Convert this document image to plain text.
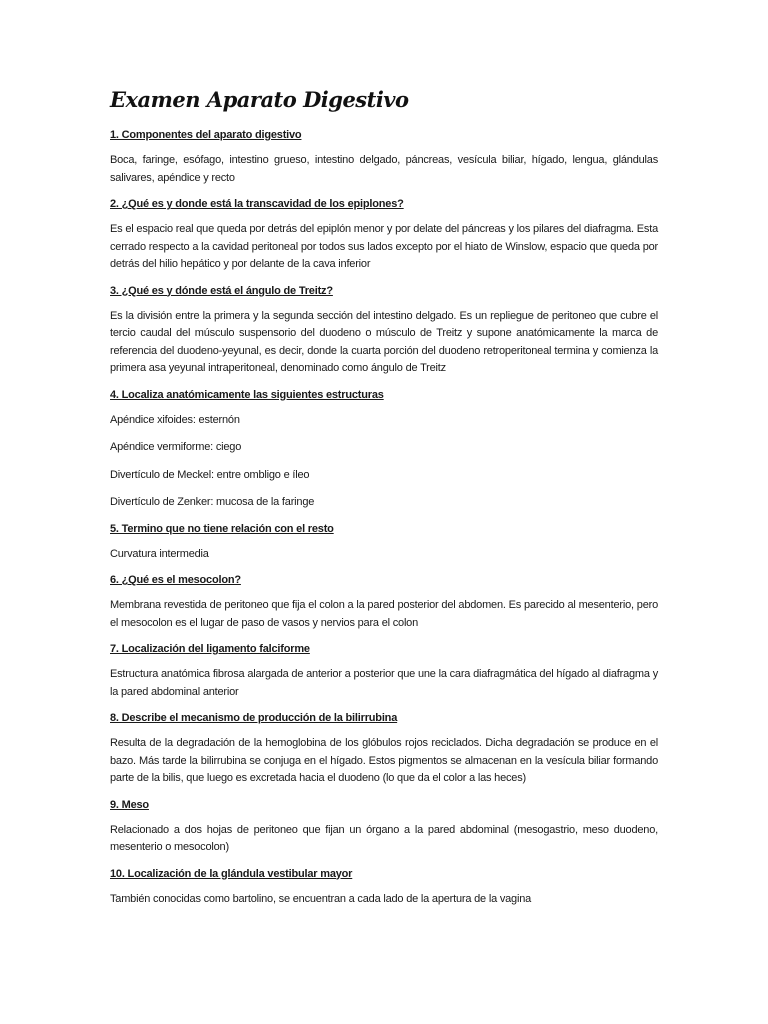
Examen Aparato Digestivo

1. Componentes del aparato digestivo

Boca, faringe, esófago, intestino grueso, intestino delgado, páncreas, vesícula biliar, hígado, lengua, glándulas salivares, apéndice y recto

2. ¿Qué es y donde está la transcavidad de los epiplones?

Es el espacio real que queda por detrás del epiplón menor y por delate del páncreas y los pilares del diafragma. Esta cerrado respecto a la cavidad peritoneal por todos sus lados excepto por el hiato de Winslow, espacio que queda por detrás del hilio hepático y por delante de la cava inferior

3. ¿Qué es y dónde está el ángulo de Treitz?

Es la división entre la primera y la segunda sección del intestino delgado. Es un repliegue de peritoneo que cubre el tercio caudal del músculo suspensorio del duodeno o músculo de Treitz y supone anatómicamente la marca de referencia del duodeno-yeyunal, es decir, donde la cuarta porción del duodeno retroperitoneal termina y comienza la primera asa yeyunal intraperitoneal, denominado como ángulo de Treitz

4. Localiza anatómicamente las siguientes estructuras

Apéndice xifoides: esternón

Apéndice vermiforme: ciego

Divertículo de Meckel: entre ombligo e íleo

Divertículo de Zenker: mucosa de la faringe

5. Termino que no tiene relación con el resto

Curvatura intermedia

6. ¿Qué es el mesocolon?

Membrana revestida de peritoneo que fija el colon a la pared posterior del abdomen. Es parecido al mesenterio, pero el mesocolon es el lugar de paso de vasos y nervios para el colon

7. Localización del ligamento falciforme

Estructura anatómica fibrosa alargada de anterior a posterior que une la cara diafragmática del hígado al diafragma y la pared abdominal anterior

8. Describe el mecanismo de producción de la bilirrubina

Resulta de la degradación de la hemoglobina de los glóbulos rojos reciclados. Dicha degradación se produce en el bazo. Más tarde la bilirrubina se conjuga en el hígado. Estos pigmentos se almacenan en la vesícula biliar formando parte de la bilis, que luego es excretada hacia el duodeno (lo que da el color a las heces)

9. Meso

Relacionado a dos hojas de peritoneo que fijan un órgano a la pared abdominal (mesogastrio, meso duodeno, mesenterio o mesocolon)

10. Localización de la glándula vestibular mayor

También conocidas como bartolino, se encuentran a cada lado de la apertura de la vagina
